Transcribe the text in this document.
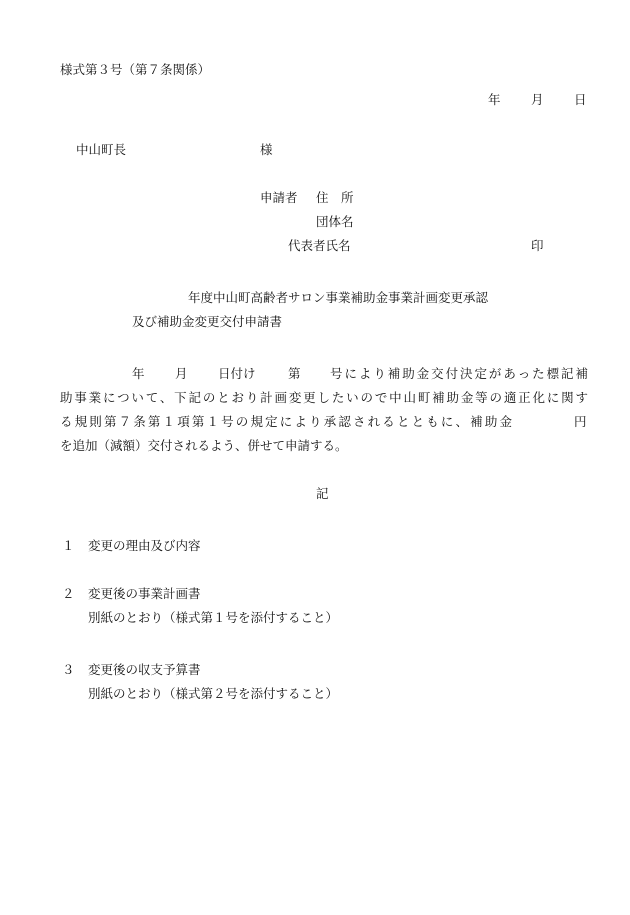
様式第３号（第７条関係）
年 月 日
中山町長	様
申請者 住　所
団体名
代表者氏名	印
年度中山町高齢者サロン事業補助金事業計画変更承認
及び補助金変更交付申請書
年 月 日付け	第 号により補助金交付決定があった標記補
助事業について、下記のとおり計画変更したいので中山町補助金等の適正化に関す
る規則第７条第１項第１号の規定により承認されるとともに、補助金	円
を追加（減額）交付されるよう、併せて申請する。
記
１ 変更の理由及び内容
２ 変更後の事業計画書
別紙のとおり（様式第１号を添付すること）
３ 変更後の収支予算書
別紙のとおり（様式第２号を添付すること）
